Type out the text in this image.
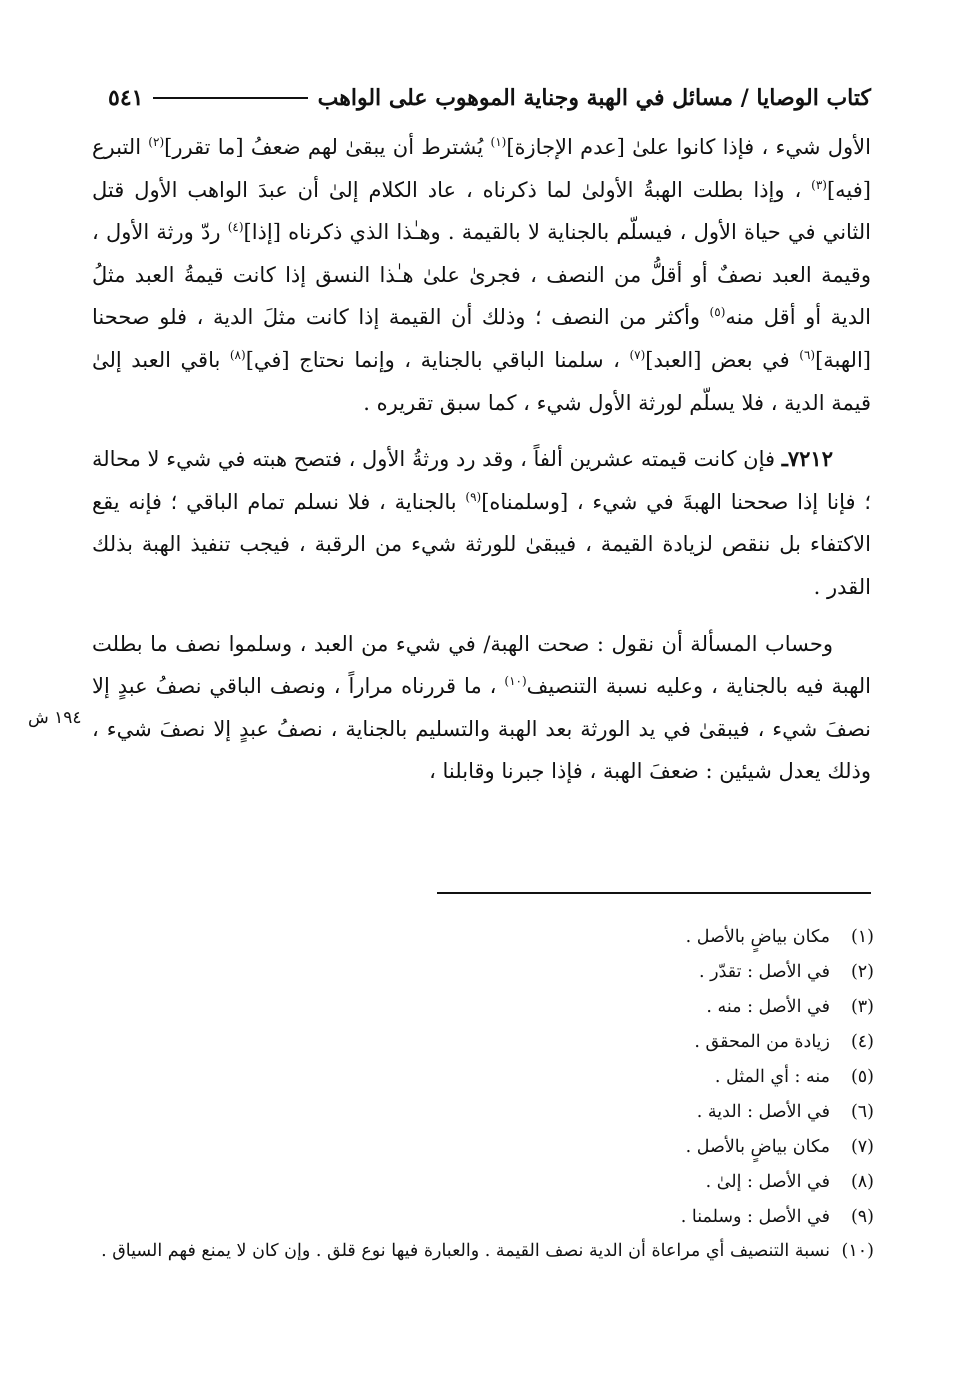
كتاب الوصايا / مسائل في الهبة وجناية الموهوب على الواهب
٥٤١
١٩٤ ش

الأول شيء ، فإذا كانوا علىٰ [عدم الإجازة]$^{(١)}$ يُشترط أن يبقىٰ لهم ضعفُ [ما تقرر]$^{(٢)}$ التبرع [فيه]$^{(٣)}$ ، وإذا بطلت الهبةُ الأولىٰ لما ذكرناه ، عاد الكلام إلىٰ أن عبدَ الواهب الأول قتل الثاني في حياة الأول ، فيسلّم بالجناية لا بالقيمة . وهـٰذا الذي ذكرناه [إذا]$^{(٤)}$ ردّ ورثة الأول ، وقيمة العبد نصفٌ أو أقلُّ من النصف ، فجرىٰ علىٰ هـٰذا النسق إذا كانت قيمةُ العبد مثلُ الدية أو أقل منه$^{(٥)}$ وأكثر من النصف ؛ وذلك أن القيمة إذا كانت مثلَ الدية ، فلو صححنا [الهبة]$^{(٦)}$ في بعض [العبد]$^{(٧)}$ ، سلمنا الباقي بالجناية ، وإنما نحتاج [في]$^{(٨)}$ باقي العبد إلىٰ قيمة الدية ، فلا يسلّم لورثة الأول شيء ، كما سبق تقريره .

٧٢١٢ـ فإن كانت قيمته عشرين ألفاً ، وقد رد ورثةُ الأول ، فتصح هبته في شيء لا محالة ؛ فإنا إذا صححنا الهبةَ في شيء ، [وسلمناه]$^{(٩)}$ بالجناية ، فلا نسلم تمام الباقي ؛ فإنه يقع الاكتفاء بل ننقص لزيادة القيمة ، فيبقىٰ للورثة شيء من الرقبة ، فيجب تنفيذ الهبة بذلك القدر .

وحساب المسألة أن نقول : صحت الهبة/ في شيء من العبد ، وسلموا نصف ما بطلت الهبة فيه بالجناية ، وعليه نسبة التنصيف$^{(١٠)}$ ، ما قررناه مراراً ، ونصف الباقي نصفُ عبدٍ إلا نصفَ شيء ، فيبقىٰ في يد الورثة بعد الهبة والتسليم بالجناية ، نصفُ عبدٍ إلا نصفَ شيء ، وذلك يعدل شيئين : ضعفَ الهبة ، فإذا جبرنا وقابلنا ،

(١)
مكان بياضٍ بالأصل .
(٢)
في الأصل : تقدّر .
(٣)
في الأصل : منه .
(٤)
زيادة من المحقق .
(٥)
منه : أي المثل .
(٦)
في الأصل : الدية .
(٧)
مكان بياضٍ بالأصل .
(٨)
في الأصل : إلىٰ .
(٩)
في الأصل : وسلمنا .
(١٠)
نسبة التنصيف أي مراعاة أن الدية نصف القيمة . والعبارة فيها نوع قلق . وإن كان لا يمنع فهم السياق .
